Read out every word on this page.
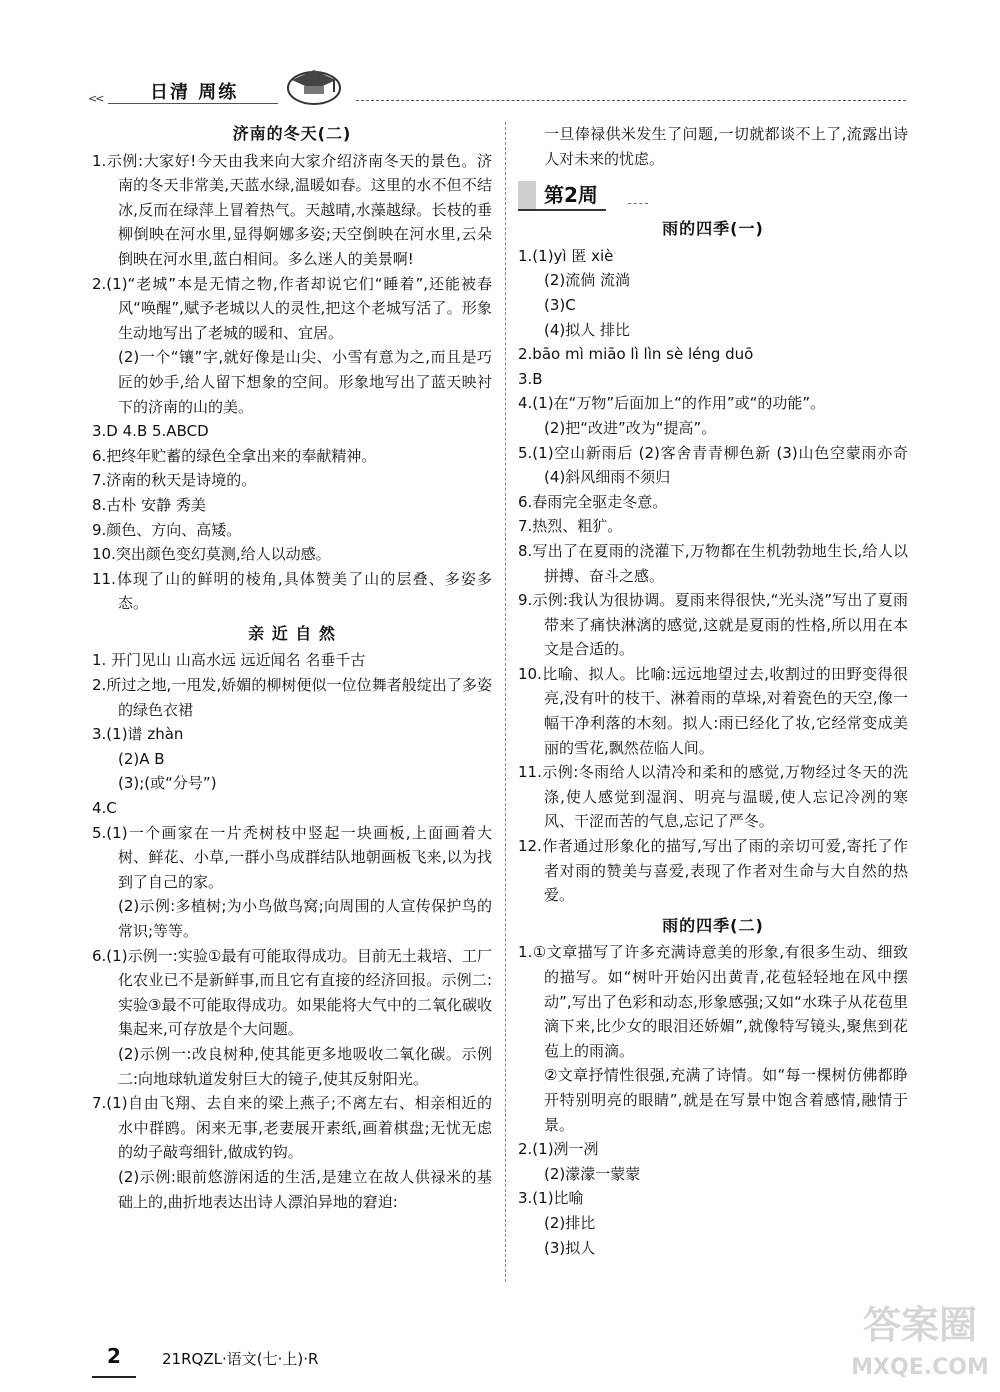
<<	日清 周练

济南的冬天(二)

1.示例:大家好!今天由我来向大家介绍济南冬天的景色。济南的冬天非常美,天蓝水绿,温暖如春。这里的水不但不结冰,反而在绿萍上冒着热气。天越晴,水藻越绿。长枝的垂柳倒映在河水里,显得婀娜多姿;天空倒映在河水里,云朵倒映在河水里,蓝白相间。多么迷人的美景啊!

2.(1)“老城”本是无情之物,作者却说它们“睡着”,还能被春风“唤醒”,赋予老城以人的灵性,把这个老城写活了。形象生动地写出了老城的暖和、宜居。

(2)一个“镶”字,就好像是山尖、小雪有意为之,而且是巧匠的妙手,给人留下想象的空间。形象地写出了蓝天映衬下的济南的山的美。

3.D 4.B 5.ABCD

6.把终年贮蓄的绿色全拿出来的奉献精神。

7.济南的秋天是诗境的。

8.古朴 安静 秀美

9.颜色、方向、高矮。

10.突出颜色变幻莫测,给人以动感。

11.体现了山的鲜明的棱角,具体赞美了山的层叠、多姿多态。

亲 近 自 然

1. 开门见山 山高水远 远近闻名 名垂千古

2.所过之地,一甩发,娇媚的柳树便似一位位舞者般绽出了多姿的绿色衣裙

3.(1)谱 zhàn

(2)A B

(3);(或“分号”)

4.C

5.(1)一个画家在一片秃树枝中竖起一块画板,上面画着大树、鲜花、小草,一群小鸟成群结队地朝画板飞来,以为找到了自己的家。

(2)示例:多植树;为小鸟做鸟窝;向周围的人宣传保护鸟的常识;等等。

6.(1)示例一:实验①最有可能取得成功。目前无土栽培、工厂化农业已不是新鲜事,而且它有直接的经济回报。示例二:实验③最不可能取得成功。如果能将大气中的二氧化碳收集起来,可存放是个大问题。

(2)示例一:改良树种,使其能更多地吸收二氧化碳。示例二:向地球轨道发射巨大的镜子,使其反射阳光。

7.(1)自由飞翔、去自来的梁上燕子;不离左右、相亲相近的水中群鸥。闲来无事,老妻展开素纸,画着棋盘;无忧无虑的幼子敲弯细针,做成钓钩。

(2)示例:眼前悠游闲适的生活,是建立在故人供禄米的基础上的,曲折地表达出诗人漂泊异地的窘迫:

一旦俸禄供米发生了问题,一切就都谈不上了,流露出诗人对未来的忧虑。

第2周

雨的四季(一)

1.(1)yì 匿 xiè

(2)流倘 流淌

(3)C

(4)拟人 排比

2.bāo mì miāo lì lìn sè léng duō

3.B

4.(1)在“万物”后面加上“的作用”或“的功能”。

(2)把“改进”改为“提高”。

5.(1)空山新雨后 (2)客舍青青柳色新 (3)山色空蒙雨亦奇 (4)斜风细雨不须归

6.春雨完全驱走冬意。

7.热烈、粗犷。

8.写出了在夏雨的浇灌下,万物都在生机勃勃地生长,给人以拼搏、奋斗之感。

9.示例:我认为很协调。夏雨来得很快,“光头浇”写出了夏雨带来了痛快淋漓的感觉,这就是夏雨的性格,所以用在本文是合适的。

10.比喻、拟人。比喻:远远地望过去,收割过的田野变得很亮,没有叶的枝干、淋着雨的草垛,对着瓷色的天空,像一幅干净利落的木刻。拟人:雨已经化了妆,它经常变成美丽的雪花,飘然莅临人间。

11.示例:冬雨给人以清冷和柔和的感觉,万物经过冬天的洗涤,使人感觉到湿润、明亮与温暖,使人忘记冷冽的寒风、干涩而苦的气息,忘记了严冬。

12.作者通过形象化的描写,写出了雨的亲切可爱,寄托了作者对雨的赞美与喜爱,表现了作者对生命与大自然的热爱。

雨的四季(二)

1.①文章描写了许多充满诗意美的形象,有很多生动、细致的描写。如“树叶开始闪出黄青,花苞轻轻地在风中摆动”,写出了色彩和动态,形象感强;又如“水珠子从花苞里滴下来,比少女的眼泪还娇媚”,就像特写镜头,聚焦到花苞上的雨滴。

②文章抒情性很强,充满了诗情。如“每一棵树仿佛都睁开特别明亮的眼睛”,就是在写景中饱含着感情,融情于景。

2.(1)冽一冽

(2)濛濛一蒙蒙

3.(1)比喻

(2)排比

(3)拟人

2	21RQZL·语文(七·上)·R
答案圈
MXQE.COM
